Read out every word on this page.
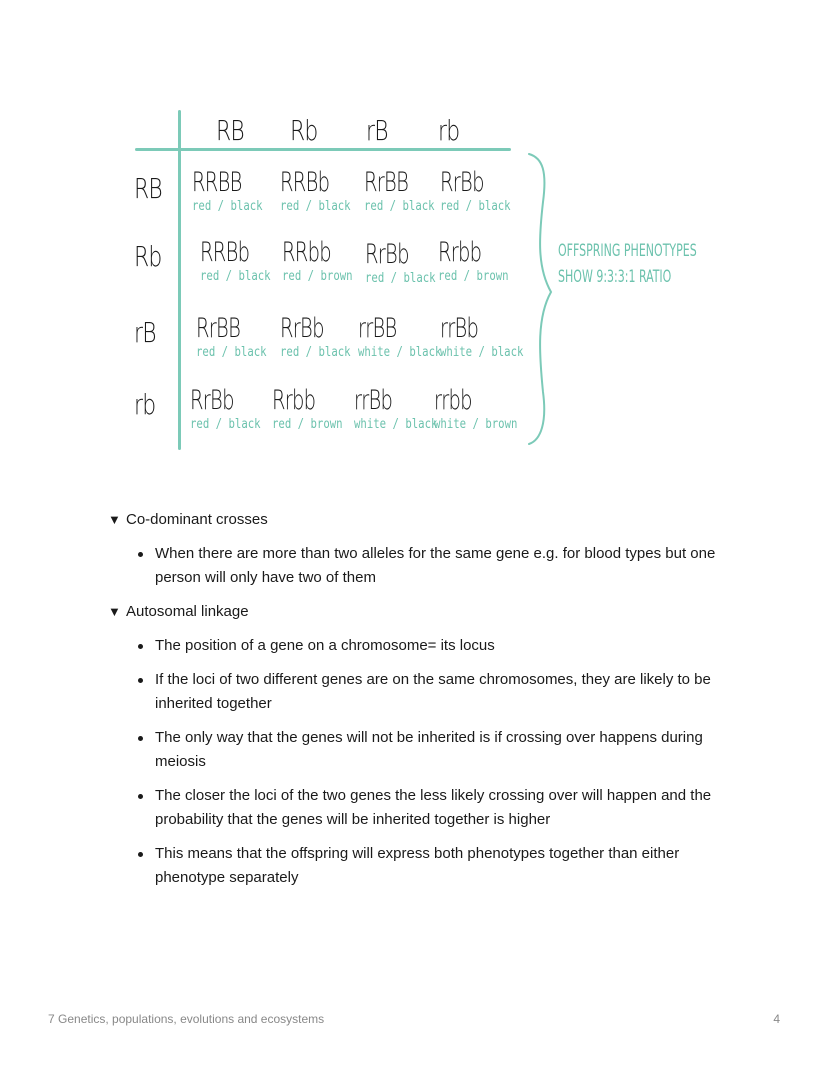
RB Rb rB rb
RB
Rb
rB
rb
RRBB
red / black
RRBb
red / black
RrBB
red / black
RrBb
red / black
RRBb
red / black
RRbb
red / brown
RrBb
red / black
Rrbb
red / brown
RrBB
red / black
RrBb
red / black
rrBB
white / black
rrBb
white / black
RrBb
red / black
Rrbb
red / brown
rrBb
white / black
rrbb
white / brown
OFFSPRING PHENOTYPES
SHOW 9:3:3:1 RATIO
▼ Co-dominant crosses
When there are more than two alleles for the same gene e.g. for blood types but one person will only have two of them
▼ Autosomal linkage
The position of a gene on a chromosome= its locus
If the loci of two different genes are on the same chromosomes, they are likely to be inherited together
The only way that the genes will not be inherited is if crossing over happens during meiosis
The closer the loci of the two genes the less likely crossing over will happen and the probability that the genes will be inherited together is higher
This means that the offspring will express both phenotypes together than either phenotype separately
7 Genetics, populations, evolutions and ecosystems	4
